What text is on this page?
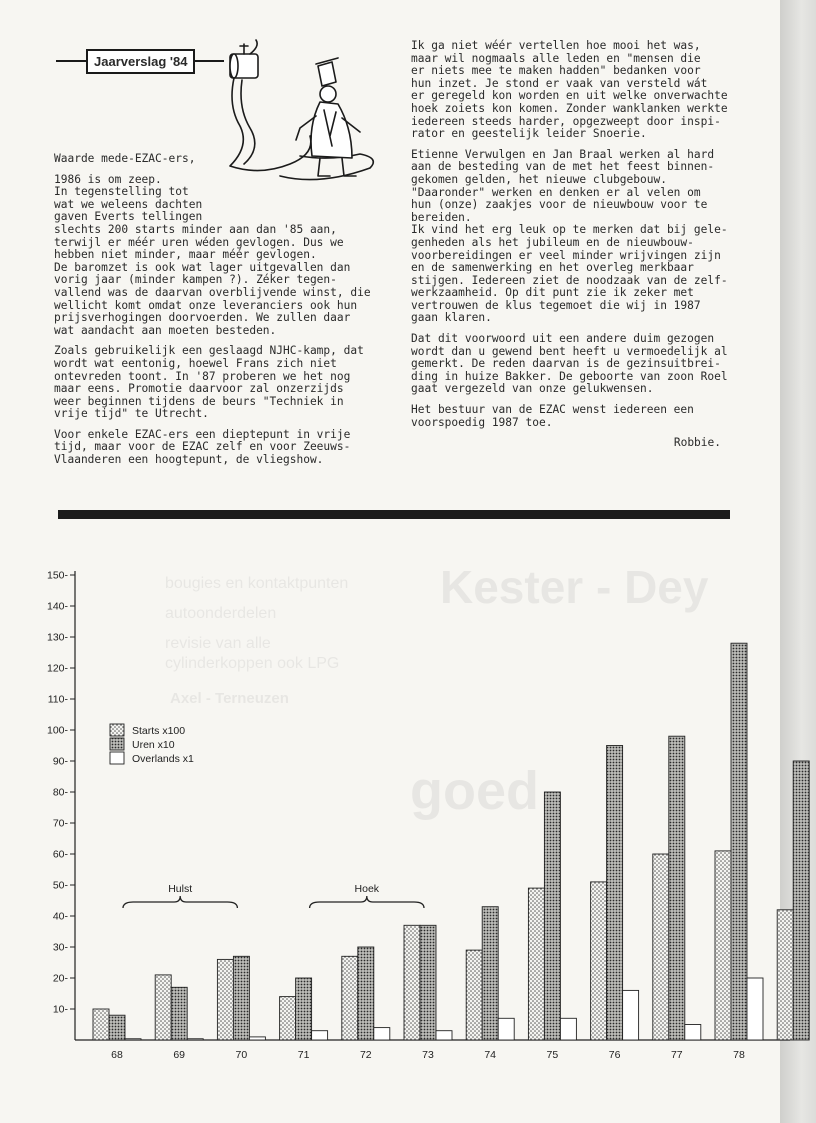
Kester - Dey
goed
bougies en kontaktpunten
autoonderdelen
revisie van alle
cylinderkoppen ook LPG
Axel - Terneuzen
Jaarverslag '84

Waarde mede-EZAC-ers,

1986 is om zeep.
In tegenstelling tot
wat we weleens dachten
gaven Everts tellingen
slechts 200 starts minder aan dan '85 aan,
terwijl er méér uren wéden gevlogen. Dus we
hebben niet minder, maar méér gevlogen.
De baromzet is ook wat lager uitgevallen dan
vorig jaar (minder kampen ?). Zéker tegen-
vallend was de daarvan overblijvende winst, die
wellicht komt omdat onze leveranciers ook hun
prijsverhogingen doorvoerden. We zullen daar
wat aandacht aan moeten besteden.

Zoals gebruikelijk een geslaagd NJHC-kamp, dat
wordt wat eentonig, hoewel Frans zich niet
ontevreden toont. In '87 proberen we het nog
maar eens. Promotie daarvoor zal onzerzijds
weer beginnen tijdens de beurs "Techniek in
vrije tijd" te Utrecht.

Voor enkele EZAC-ers een dieptepunt in vrije
tijd, maar voor de EZAC zelf en voor Zeeuws-
Vlaanderen een hoogtepunt, de vliegshow.

Ik ga niet wéér vertellen hoe mooi het was,
maar wil nogmaals alle leden en "mensen die
er niets mee te maken hadden" bedanken voor
hun inzet. Je stond er vaak van versteld wát
er geregeld kon worden en uit welke onverwachte
hoek zoiets kon komen. Zonder wanklanken werkte
iedereen steeds harder, opgezweept door inspi-
rator en geestelijk leider Snoerie.

Etienne Verwulgen en Jan Braal werken al hard
aan de besteding van de met het feest binnen-
gekomen gelden, het nieuwe clubgebouw.
"Daaronder" werken en denken er al velen om
hun (onze) zaakjes voor de nieuwbouw voor te
bereiden.
Ik vind het erg leuk op te merken dat bij gele-
genheden als het jubileum en de nieuwbouw-
voorbereidingen er veel minder wrijvingen zijn
en de samenwerking en het overleg merkbaar
stijgen. Iedereen ziet de noodzaak van de zelf-
werkzaamheid. Op dit punt zie ik zeker met
vertrouwen de klus tegemoet die wij in 1987
gaan klaren.

Dat dit voorwoord uit een andere duim gezogen
wordt dan u gewend bent heeft u vermoedelijk al
gemerkt. De reden daarvan is de gezinsuitbrei-
ding in huize Bakker. De geboorte van zoon Roel
gaat vergezeld van onze gelukwensen.

Het bestuur van de EZAC wenst iedereen een
voorspoedig 1987 toe.

Robbie.

10-
20-
30-
40-
50-
60-
70-
80-
90-
100-
110-
120-
130-
140-
150-
68	69	70	71	72	73	74	75	76	77	78
Starts x100
Uren x10
Overlands x1
Hulst	Hoek
